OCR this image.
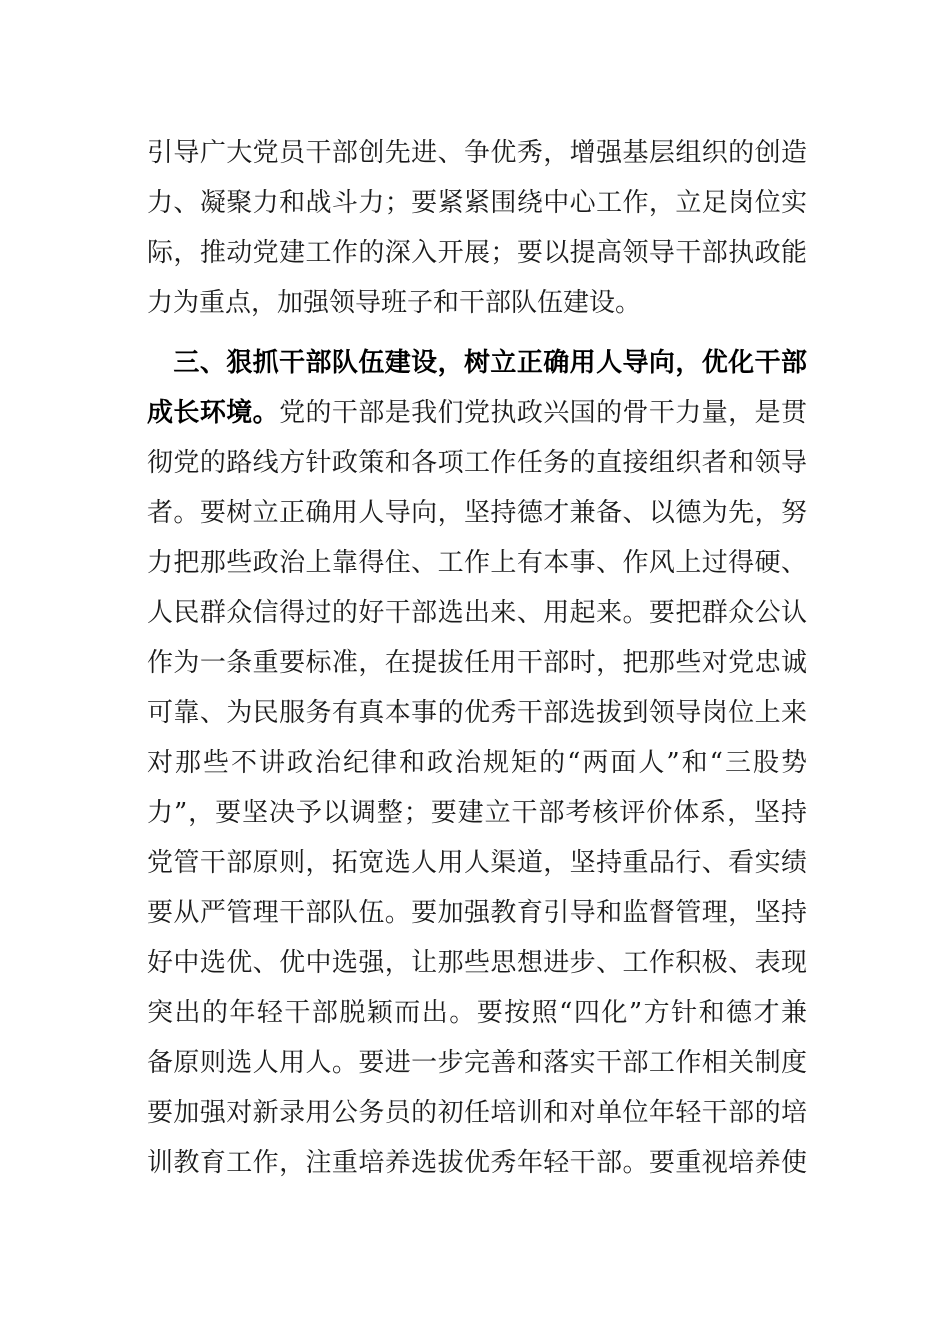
引导广大党员干部创先进、争优秀，增强基层组织的创造
力、凝聚力和战斗力；要紧紧围绕中心工作，立足岗位实
际，推动党建工作的深入开展；要以提高领导干部执政能
力为重点，加强领导班子和干部队伍建设。
　三、狠抓干部队伍建设，树立正确用人导向，优化干部
成长环境。党的干部是我们党执政兴国的骨干力量，是贯
彻党的路线方针政策和各项工作任务的直接组织者和领导
者。要树立正确用人导向，坚持德才兼备、以德为先，努
力把那些政治上靠得住、工作上有本事、作风上过得硬、
人民群众信得过的好干部选出来、用起来。要把群众公认
作为一条重要标准，在提拔任用干部时，把那些对党忠诚
可靠、为民服务有真本事的优秀干部选拔到领导岗位上来
对那些不讲政治纪律和政治规矩的“两面人”和“三股势
力”，要坚决予以调整；要建立干部考核评价体系，坚持
党管干部原则，拓宽选人用人渠道，坚持重品行、看实绩
要从严管理干部队伍。要加强教育引导和监督管理，坚持
好中选优、优中选强，让那些思想进步、工作积极、表现
突出的年轻干部脱颖而出。要按照“四化”方针和德才兼
备原则选人用人。要进一步完善和落实干部工作相关制度
要加强对新录用公务员的初任培训和对单位年轻干部的培
训教育工作，注重培养选拔优秀年轻干部。要重视培养使
